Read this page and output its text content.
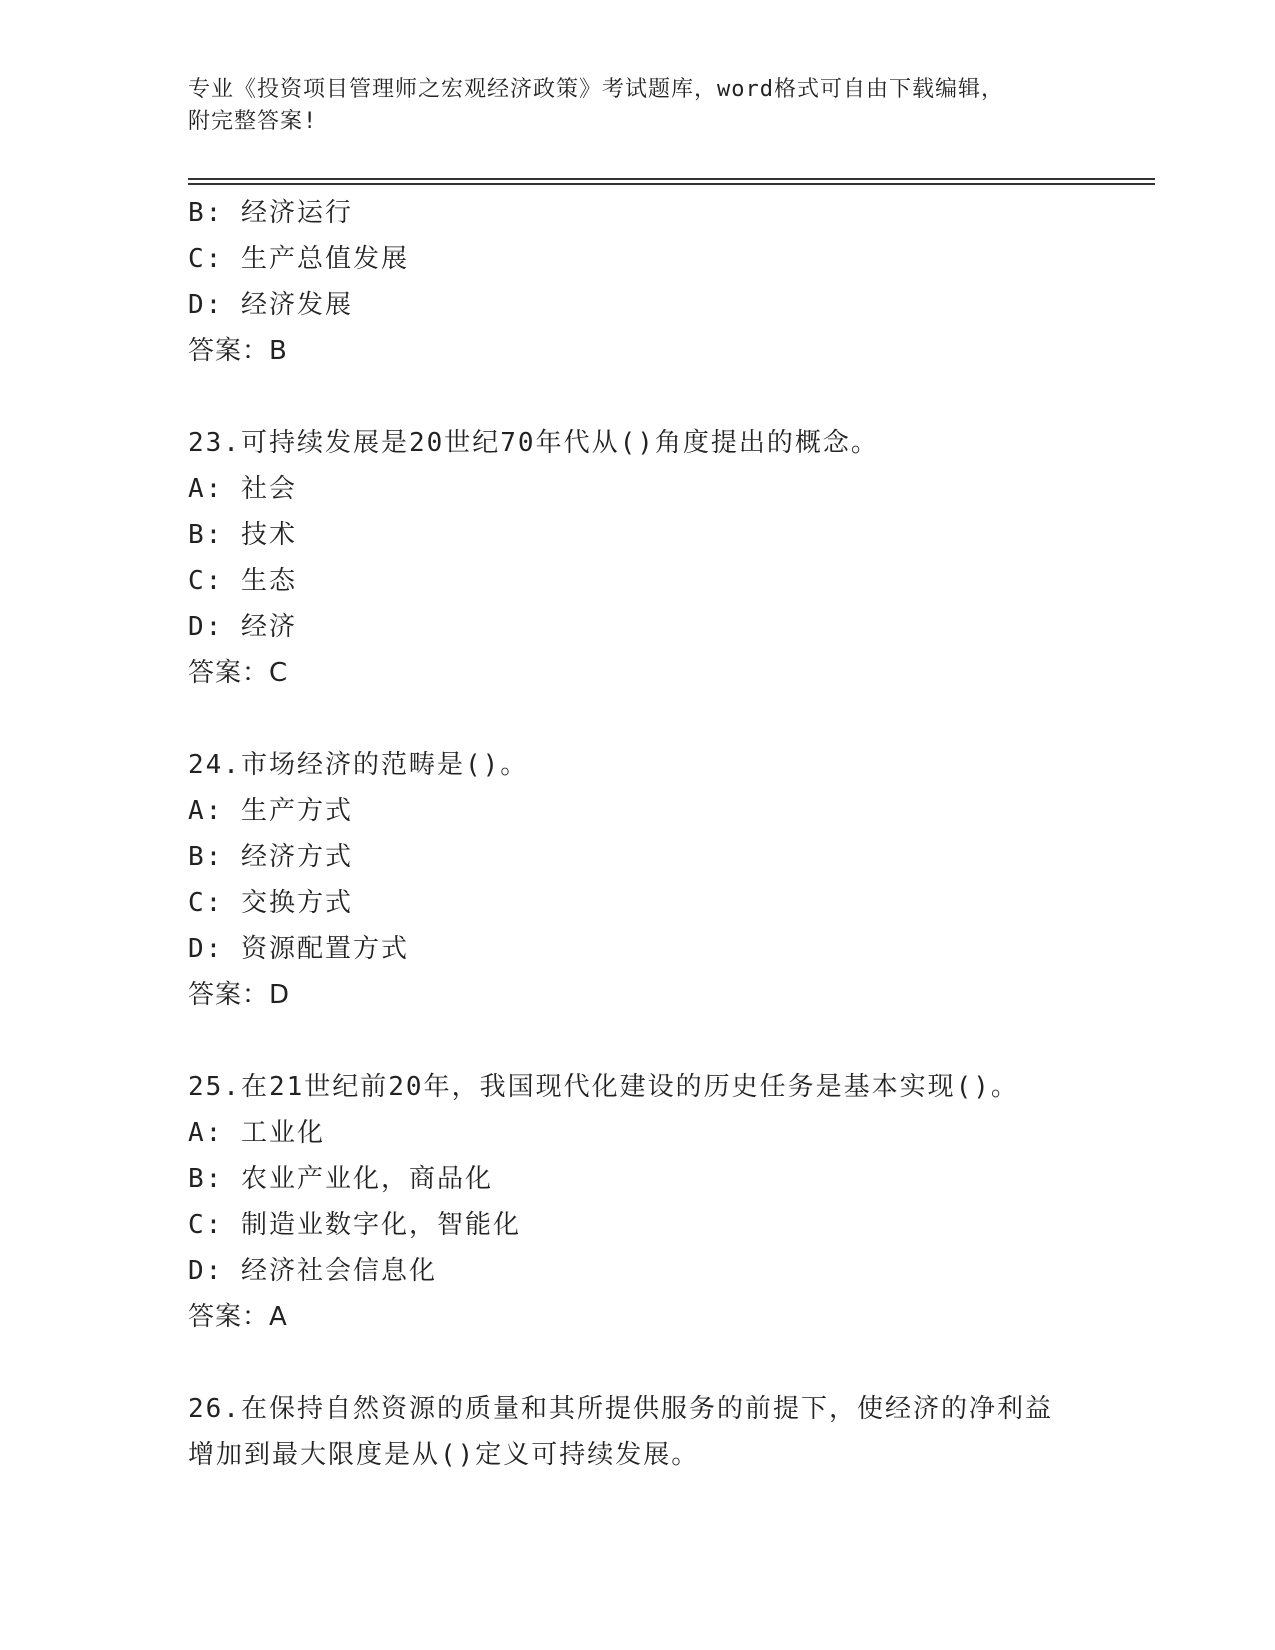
专业《投资项目管理师之宏观经济政策》考试题库，word格式可自由下载编辑，
附完整答案!
B: 经济运行
C: 生产总值发展
D: 经济发展
答案：B
23.可持续发展是20世纪70年代从()角度提出的概念。
A: 社会
B: 技术
C: 生态
D: 经济
答案：C
24.市场经济的范畴是()。
A: 生产方式
B: 经济方式
C: 交换方式
D: 资源配置方式
答案：D
25.在21世纪前20年，我国现代化建设的历史任务是基本实现()。
A: 工业化
B: 农业产业化，商品化
C: 制造业数字化，智能化
D: 经济社会信息化
答案：A
26.在保持自然资源的质量和其所提供服务的前提下，使经济的净利益
增加到最大限度是从()定义可持续发展。
